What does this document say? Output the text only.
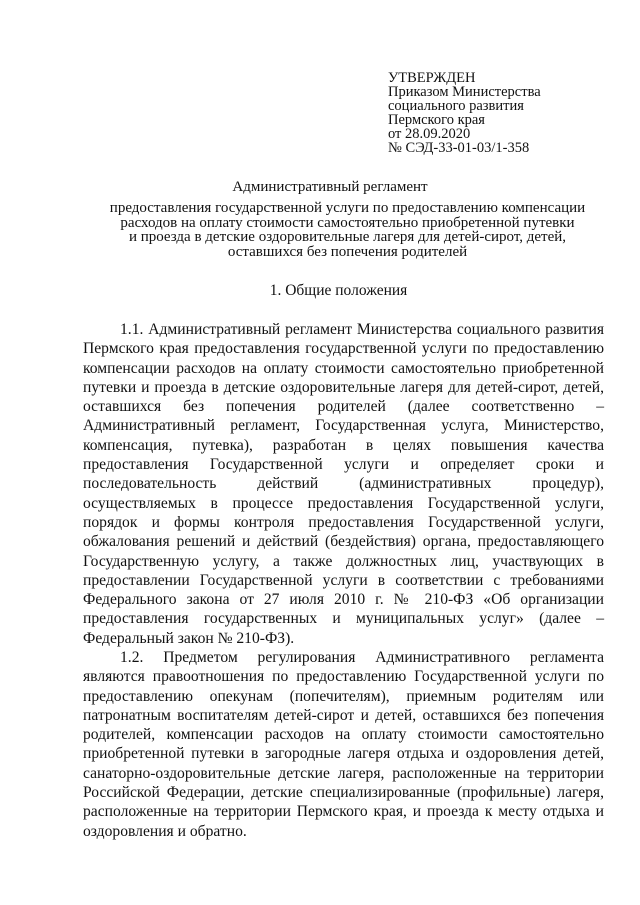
УТВЕРЖДЕН
Приказом Министерства
социального развития
Пермского края
от 28.09.2020
№ СЭД-33-01-03/1-358
Административный регламент
предоставления государственной услуги по предоставлению компенсации
расходов на оплату стоимости самостоятельно приобретенной путевки
и проезда в детские оздоровительные лагеря для детей-сирот, детей,
оставшихся без попечения родителей
1. Общие положения

1.1. Административный регламент Министерства социального развития Пермского края предоставления государственной услуги по предоставлению компенсации расходов на оплату стоимости самостоятельно приобретенной путевки и проезда в детские оздоровительные лагеря для детей-сирот, детей, оставшихся без попечения родителей (далее соответственно – Административный регламент, Государственная услуга, Министерство, компенсация, путевка), разработан в целях повышения качества предоставления Государственной услуги и определяет сроки и последовательность действий (административных процедур), осуществляемых в процессе предоставления Государственной услуги, порядок и формы контроля предоставления Государственной услуги, обжалования решений и действий (бездействия) органа, предоставляющего Государственную услугу, а также должностных лиц, участвующих в предоставлении Государственной услуги в соответствии с требованиями Федерального закона от 27 июля 2010 г. № 210-ФЗ «Об организации предоставления государственных и муниципальных услуг» (далее – Федеральный закон № 210-ФЗ).

1.2. Предметом регулирования Административного регламента являются правоотношения по предоставлению Государственной услуги по предоставлению опекунам (попечителям), приемным родителям или патронатным воспитателям детей-сирот и детей, оставшихся без попечения родителей, компенсации расходов на оплату стоимости самостоятельно приобретенной путевки в загородные лагеря отдыха и оздоровления детей, санаторно-оздоровительные детские лагеря, расположенные на территории Российской Федерации, детские специализированные (профильные) лагеря, расположенные на территории Пермского края, и проезда к месту отдыха и оздоровления и обратно.
